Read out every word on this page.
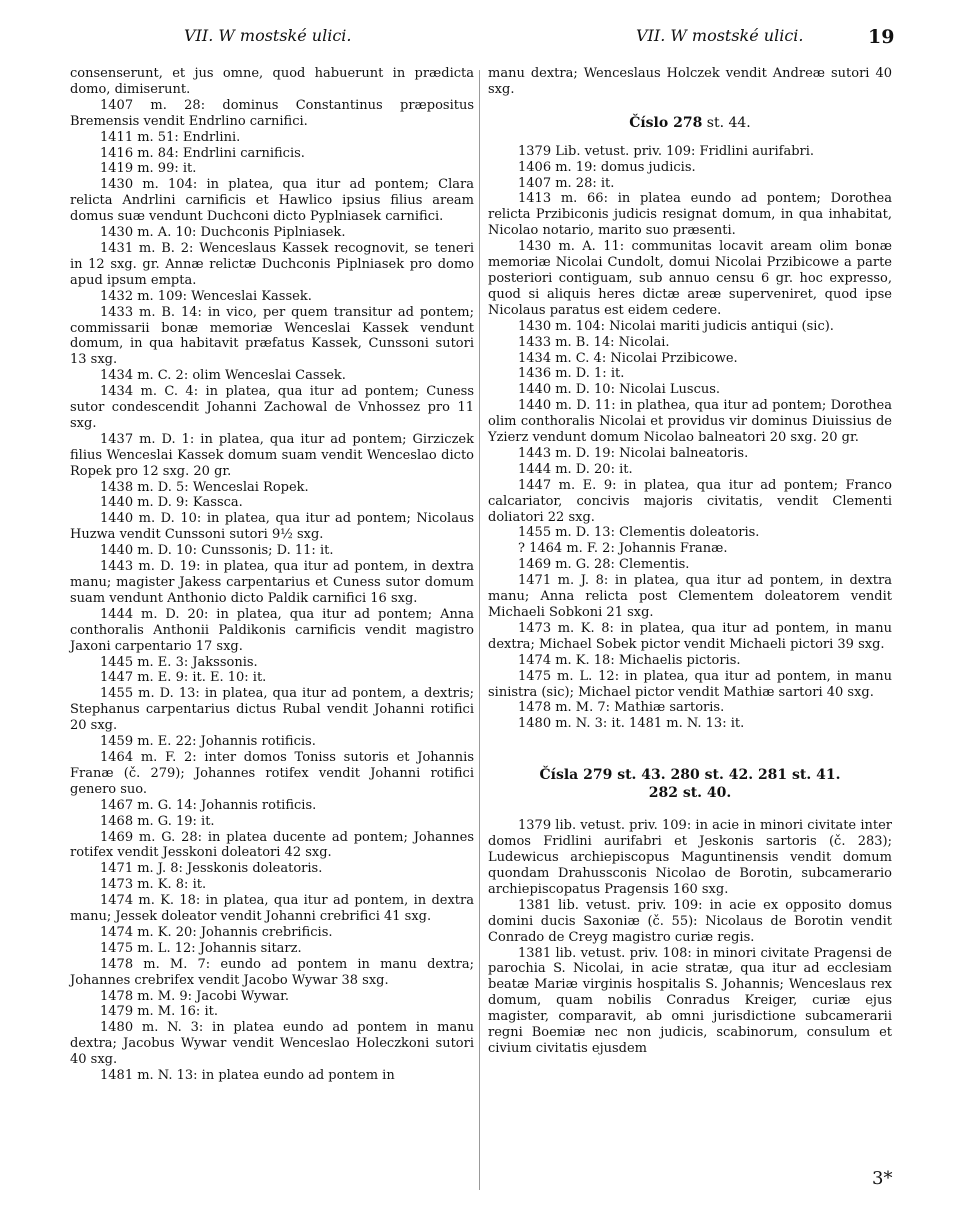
VII. W mostské ulici.	VII. W mostské ulici.	19

consenserunt, et jus omne, quod habuerunt in prædicta domo, dimiserunt.

1407 m. 28: dominus Constantinus præpositus Bremensis vendit Endrlino carnifici.

1411 m. 51: Endrlini.

1416 m. 84: Endrlini carnificis.

1419 m. 99: it.

1430 m. 104: in platea, qua itur ad pontem; Clara relicta Andrlini carnificis et Hawlico ipsius filius aream domus suæ vendunt Duchconi dicto Pyplniasek carnifici.

1430 m. A. 10: Duchconis Piplniasek.

1431 m. B. 2: Wenceslaus Kassek recognovit, se teneri in 12 sxg. gr. Annæ relictæ Duchconis Piplniasek pro domo apud ipsum empta.

1432 m. 109: Wenceslai Kassek.

1433 m. B. 14: in vico, per quem transitur ad pontem; commissarii bonæ memoriæ Wenceslai Kassek vendunt domum, in qua habitavit præfatus Kassek, Cunssoni sutori 13 sxg.

1434 m. C. 2: olim Wenceslai Cassek.

1434 m. C. 4: in platea, qua itur ad pontem; Cuness sutor condescendit Johanni Zachowal de Vnhossez pro 11 sxg.

1437 m. D. 1: in platea, qua itur ad pontem; Girziczek filius Wenceslai Kassek domum suam vendit Wenceslao dicto Ropek pro 12 sxg. 20 gr.

1438 m. D. 5: Wenceslai Ropek.

1440 m. D. 9: Kassca.

1440 m. D. 10: in platea, qua itur ad pontem; Nicolaus Huzwa vendit Cunssoni sutori 9½ sxg.

1440 m. D. 10: Cunssonis; D. 11: it.

1443 m. D. 19: in platea, qua itur ad pontem, in dextra manu; magister Jakess carpentarius et Cuness sutor domum suam vendunt Anthonio dicto Paldik carnifici 16 sxg.

1444 m. D. 20: in platea, qua itur ad pontem; Anna conthoralis Anthonii Paldikonis carnificis vendit magistro Jaxoni carpentario 17 sxg.

1445 m. E. 3: Jakssonis.

1447 m. E. 9: it. E. 10: it.

1455 m. D. 13: in platea, qua itur ad pontem, a dextris; Stephanus carpentarius dictus Rubal vendit Johanni rotifici 20 sxg.

1459 m. E. 22: Johannis rotificis.

1464 m. F. 2: inter domos Toniss sutoris et Johannis Franæ (č. 279); Johannes rotifex vendit Johanni rotifici genero suo.

1467 m. G. 14: Johannis rotificis.

1468 m. G. 19: it.

1469 m. G. 28: in platea ducente ad pontem; Johannes rotifex vendit Jesskoni doleatori 42 sxg.

1471 m. J. 8: Jesskonis doleatoris.

1473 m. K. 8: it.

1474 m. K. 18: in platea, qua itur ad pontem, in dextra manu; Jessek doleator vendit Johanni crebrifici 41 sxg.

1474 m. K. 20: Johannis crebrificis.

1475 m. L. 12: Johannis sitarz.

1478 m. M. 7: eundo ad pontem in manu dextra; Johannes crebrifex vendit Jacobo Wywar 38 sxg.

1478 m. M. 9: Jacobi Wywar.

1479 m. M. 16: it.

1480 m. N. 3: in platea eundo ad pontem in manu dextra; Jacobus Wywar vendit Wenceslao Holeczkoni sutori 40 sxg.

1481 m. N. 13: in platea eundo ad pontem in

manu dextra; Wenceslaus Holczek vendit Andreæ sutori 40 sxg.

Číslo 278 st. 44.

1379 Lib. vetust. priv. 109: Fridlini aurifabri.

1406 m. 19: domus judicis.

1407 m. 28: it.

1413 m. 66: in platea eundo ad pontem; Dorothea relicta Przibiconis judicis resignat domum, in qua inhabitat, Nicolao notario, marito suo præsenti.

1430 m. A. 11: communitas locavit aream olim bonæ memoriæ Nicolai Cundolt, domui Nicolai Przibicowe a parte posteriori contiguam, sub annuo censu 6 gr. hoc expresso, quod si aliquis heres dictæ areæ superveniret, quod ipse Nicolaus paratus est eidem cedere.

1430 m. 104: Nicolai mariti judicis antiqui (sic).

1433 m. B. 14: Nicolai.

1434 m. C. 4: Nicolai Przibicowe.

1436 m. D. 1: it.

1440 m. D. 10: Nicolai Luscus.

1440 m. D. 11: in plathea, qua itur ad pontem; Dorothea olim conthoralis Nicolai et providus vir dominus Diuissius de Yzierz vendunt domum Nicolao balneatori 20 sxg. 20 gr.

1443 m. D. 19: Nicolai balneatoris.

1444 m. D. 20: it.

1447 m. E. 9: in platea, qua itur ad pontem; Franco calcariator, concivis majoris civitatis, vendit Clementi doliatori 22 sxg.

1455 m. D. 13: Clementis doleatoris.

? 1464 m. F. 2: Johannis Franæ.

1469 m. G. 28: Clementis.

1471 m. J. 8: in platea, qua itur ad pontem, in dextra manu; Anna relicta post Clementem doleatorem vendit Michaeli Sobkoni 21 sxg.

1473 m. K. 8: in platea, qua itur ad pontem, in manu dextra; Michael Sobek pictor vendit Michaeli pictori 39 sxg.

1474 m. K. 18: Michaelis pictoris.

1475 m. L. 12: in platea, qua itur ad pontem, in manu sinistra (sic); Michael pictor vendit Mathiæ sartori 40 sxg.

1478 m. M. 7: Mathiæ sartoris.

1480 m. N. 3: it. 1481 m. N. 13: it.

Čísla 279 st. 43. 280 st. 42. 281 st. 41.
282 st. 40.

1379 lib. vetust. priv. 109: in acie in minori civitate inter domos Fridlini aurifabri et Jeskonis sartoris (č. 283); Ludewicus archiepiscopus Maguntinensis vendit domum quondam Drahussconis Nicolao de Borotin, subcamerario archiepiscopatus Pragensis 160 sxg.

1381 lib. vetust. priv. 109: in acie ex opposito domus domini ducis Saxoniæ (č. 55): Nicolaus de Borotin vendit Conrado de Creyg magistro curiæ regis.

1381 lib. vetust. priv. 108: in minori civitate Pragensi de parochia S. Nicolai, in acie stratæ, qua itur ad ecclesiam beatæ Mariæ virginis hospitalis S. Johannis; Wenceslaus rex domum, quam nobilis Conradus Kreiger, curiæ ejus magister, comparavit, ab omni jurisdictione subcamerarii regni Boemiæ nec non judicis, scabinorum, consulum et civium civitatis ejusdem

3*
